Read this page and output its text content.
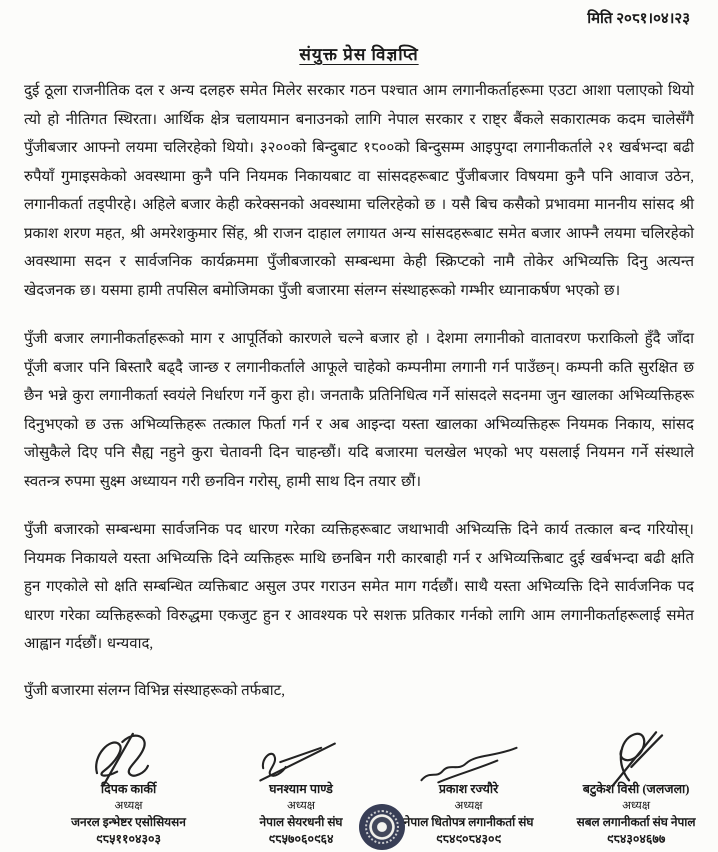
मिति २०८१।०४।२३
संयुक्त प्रेस विज्ञप्ति

दुई ठूला राजनीतिक दल र अन्य दलहरु समेत मिलेर सरकार गठन पश्चात आम लगानीकर्ताहरूमा एउटा आशा पलाएको थियो त्यो हो नीतिगत स्थिरता। आर्थिक क्षेत्र चलायमान बनाउनको लागि नेपाल सरकार र राष्ट्र बैंकले सकारात्मक कदम चालेसँगै पुँजीबजार आफ्नो लयमा चलिरहेको थियो। ३२००को बिन्दुबाट १८००को बिन्दुसम्म आइपुग्दा लगानीकर्ताले २१ खर्बभन्दा बढी रुपैयाँ गुमाइसकेको अवस्थामा कुनै पनि नियमक निकायबाट वा सांसदहरूबाट पुँजीबजार विषयमा कुनै पनि आवाज उठेन, लगानीकर्ता तड्पीरहे। अहिले बजार केही करेक्सनको अवस्थामा चलिरहेको छ । यसै बिच कसैको प्रभावमा माननीय सांसद श्री प्रकाश शरण महत, श्री अमरेशकुमार सिंह, श्री राजन दाहाल लगायत अन्य सांसदहरूबाट समेत बजार आफ्नै लयमा चलिरहेको अवस्थामा सदन र सार्वजनिक कार्यक्रममा पुँजीबजारको सम्बन्धमा केही स्क्रिप्टको नामै तोकेर अभिव्यक्ति दिनु अत्यन्त खेदजनक छ। यसमा हामी तपसिल बमोजिमका पुँजी बजारमा संलग्न संस्थाहरूको गम्भीर ध्यानाकर्षण भएको छ।

पुँजी बजार लगानीकर्ताहरूको माग र आपूर्तिको कारणले चल्ने बजार हो । देशमा लगानीको वातावरण फराकिलो हुँदै जाँदा पूँजी बजार पनि बिस्तारै बढ्दै जान्छ र लगानीकर्ताले आफूले चाहेको कम्पनीमा लगानी गर्न पाउँछन्। कम्पनी कति सुरक्षित छ छैन भन्ने कुरा लगानीकर्ता स्वयंले निर्धारण गर्ने कुरा हो। जनताकै प्रतिनिधित्व गर्ने सांसदले सदनमा जुन खालका अभिव्यक्तिहरू दिनुभएको छ उक्त अभिव्यक्तिहरू तत्काल फिर्ता गर्न र अब आइन्दा यस्ता खालका अभिव्यक्तिहरू नियमक निकाय, सांसद जोसुकैले दिए पनि सैह्य नहुने कुरा चेतावनी दिन चाहन्छौं। यदि बजारमा चलखेल भएको भए यसलाई नियमन गर्ने संस्थाले स्वतन्त्र रुपमा सुक्ष्म अध्यायन गरी छनविन गरोस्, हामी साथ दिन तयार छौं।

पुँजी बजारको सम्बन्धमा सार्वजनिक पद धारण गरेका व्यक्तिहरूबाट जथाभावी अभिव्यक्ति दिने कार्य तत्काल बन्द गरियोस्। नियमक निकायले यस्ता अभिव्यक्ति दिने व्यक्तिहरू माथि छनबिन गरी कारबाही गर्न र अभिव्यक्तिबाट दुई खर्बभन्दा बढी क्षति हुन गएकोले सो क्षति सम्बन्धित व्यक्तिबाट असुल उपर गराउन समेत माग गर्दछौं। साथै यस्ता अभिव्यक्ति दिने सार्वजनिक पद धारण गरेका व्यक्तिहरूको विरुद्धमा एकजुट हुन र आवश्यक परे सशक्त प्रतिकार गर्नको लागि आम लगानीकर्ताहरूलाई समेत आह्वान गर्दछौं। धन्यवाद,

पुँजी बजारमा संलग्न विभिन्न संस्थाहरूको तर्फबाट,

दिपक कार्की
अध्यक्ष
जनरल इन्भेष्टर एसोसियसन
९८५११०४३०३
घनश्याम पाण्डे
अध्यक्ष
नेपाल सेयरधनी संघ
९८५७०६०९६४
प्रकाश रज्यौरे
अध्यक्ष
नेपाल धितोपत्र लगानीकर्ता संघ
९८४९०८४३०९
बटुकेश विसी (जलजला)
अध्यक्ष
सबल लगानीकर्ता संघ नेपाल
९८४३०४६७७
